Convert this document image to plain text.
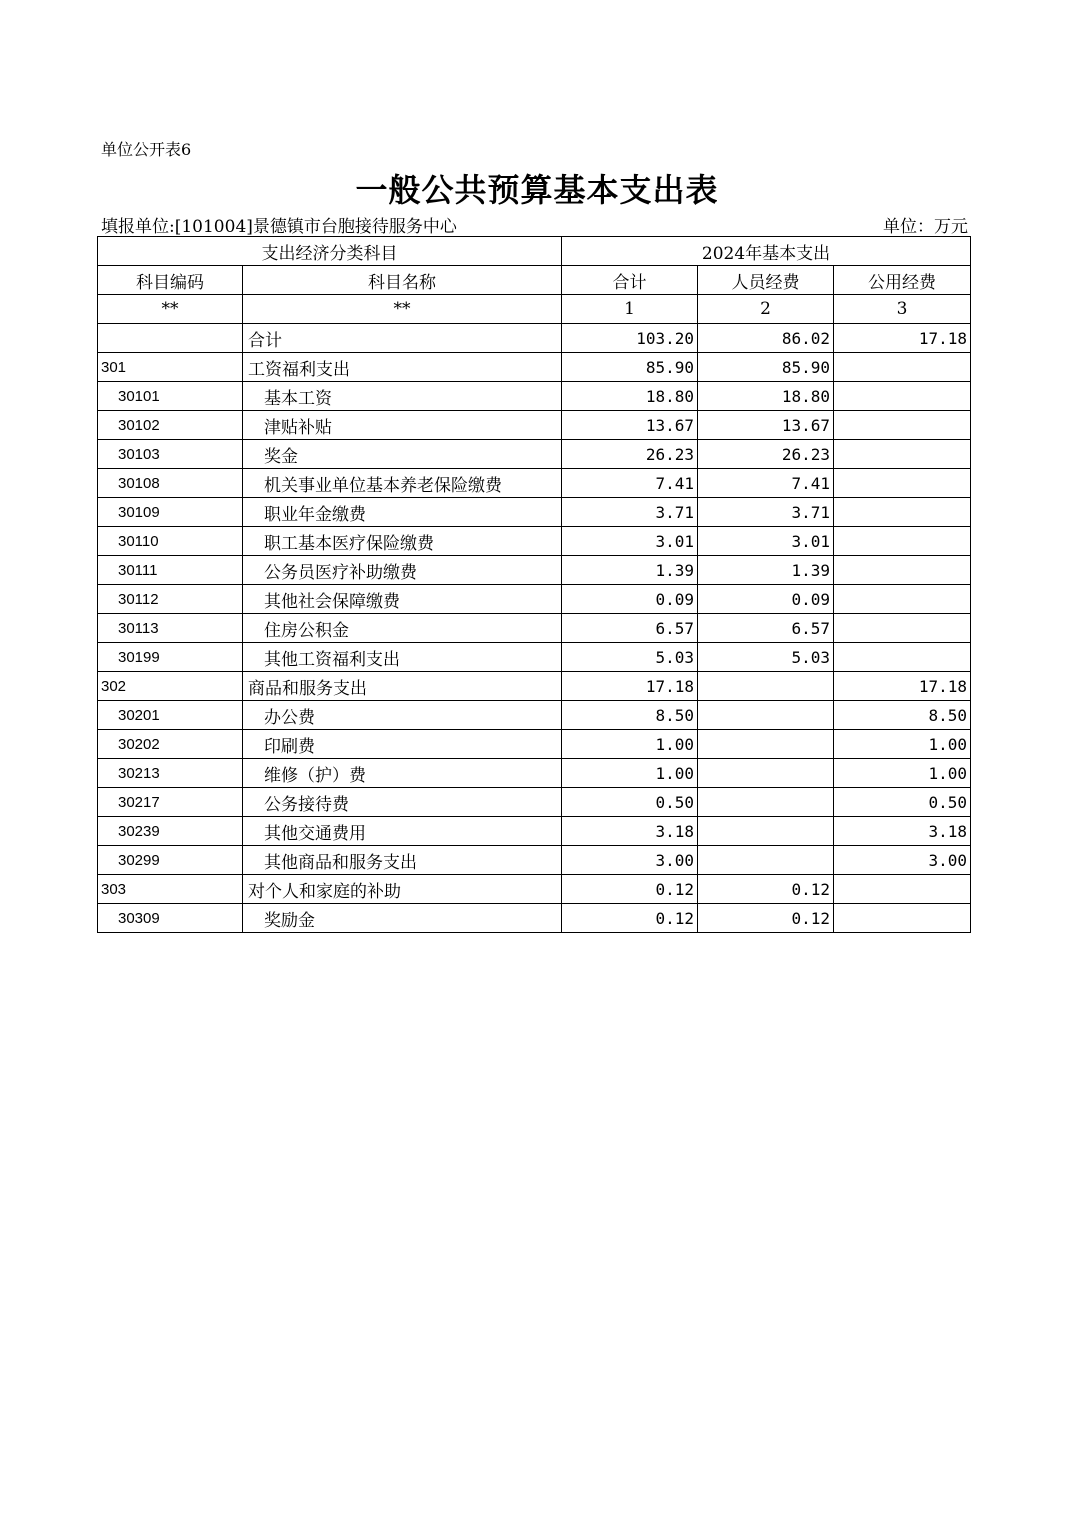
单位公开表6
一般公共预算基本支出表
填报单位:[101004]景德镇市台胞接待服务中心	单位：万元
支出经济分类科目		2024年基本支出		
科目编码	科目名称	合计	人员经费	公用经费
**	**	1	2	3
	合计	103.20	86.02	17.18
301	工资福利支出	85.90	85.90	
30101	基本工资	18.80	18.80	
30102	津贴补贴	13.67	13.67	
30103	奖金	26.23	26.23	
30108	机关事业单位基本养老保险缴费	7.41	7.41	
30109	职业年金缴费	3.71	3.71	
30110	职工基本医疗保险缴费	3.01	3.01	
30111	公务员医疗补助缴费	1.39	1.39	
30112	其他社会保障缴费	0.09	0.09	
30113	住房公积金	6.57	6.57	
30199	其他工资福利支出	5.03	5.03	
302	商品和服务支出	17.18		17.18
30201	办公费	8.50		8.50
30202	印刷费	1.00		1.00
30213	维修（护）费	1.00		1.00
30217	公务接待费	0.50		0.50
30239	其他交通费用	3.18		3.18
30299	其他商品和服务支出	3.00		3.00
303	对个人和家庭的补助	0.12	0.12	
30309	奖励金	0.12	0.12	
